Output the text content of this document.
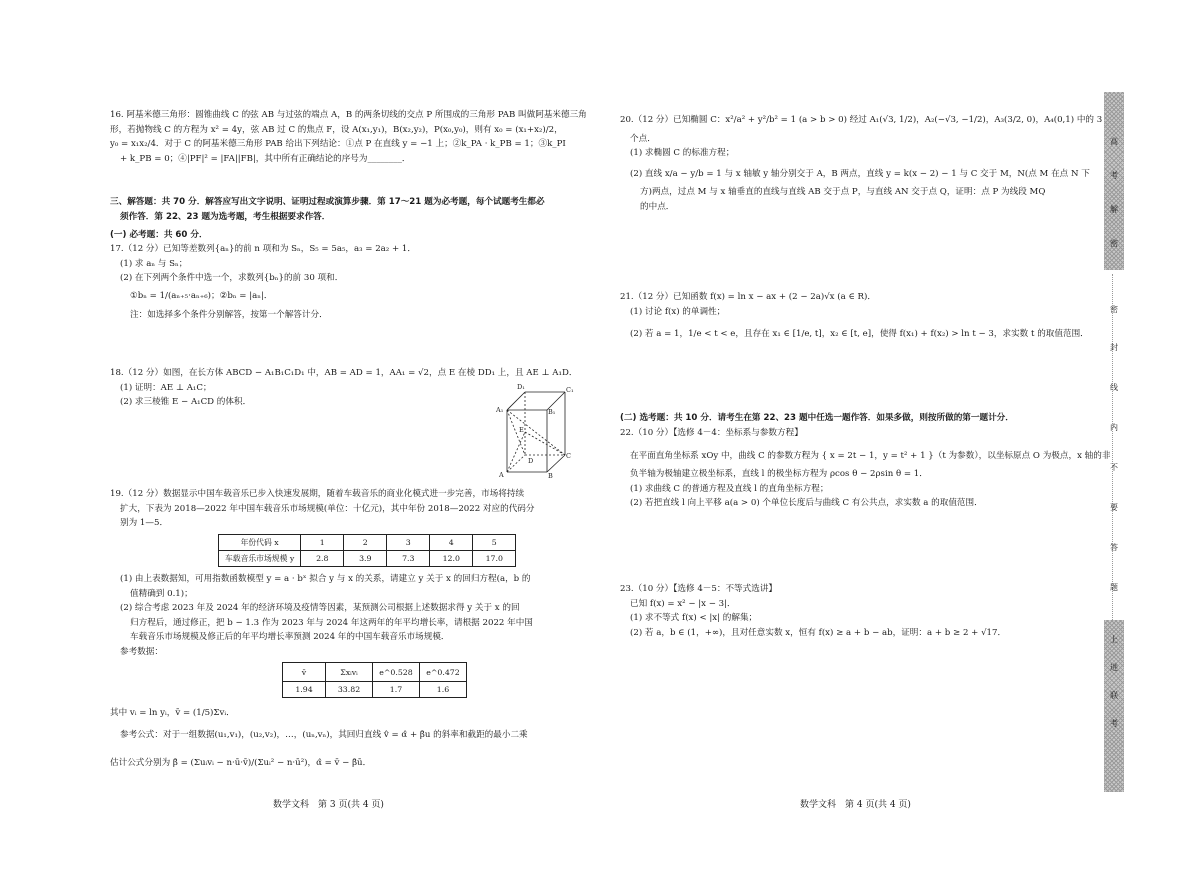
16. 阿基米德三角形：圆锥曲线 C 的弦 AB 与过弦的端点 A，B 的两条切线的交点 P 所围成的三角形 PAB 叫做阿基米德三角
形，若抛物线 C 的方程为 x² = 4y，弦 AB 过 C 的焦点 F，设 A(x₁,y₁)，B(x₂,y₂)，P(x₀,y₀)，则有 x₀ = (x₁+x₂)/2，
y₀ = x₁x₂/4．对于 C 的阿基米德三角形 PAB 给出下列结论：①点 P 在直线 y = −1 上；②k_PA · k_PB = 1；③k_PI
+ k_PB = 0；④|PF|² = |FA||FB|，其中所有正确结论的序号为________．
三、解答题：共 70 分．解答应写出文字说明、证明过程或演算步骤．第 17～21 题为必考题，每个试题考生都必
须作答．第 22、23 题为选考题，考生根据要求作答．
(一) 必考题：共 60 分．
17.（12 分）已知等差数列{aₙ}的前 n 项和为 Sₙ，S₅ = 5a₅，a₃ = 2a₂ + 1．
(1) 求 aₙ 与 Sₙ；
(2) 在下列两个条件中选一个，求数列{bₙ}的前 30 项和．
①bₙ = 1/(aₙ₊₅·aₙ₊₆)；②bₙ = |aₙ|．
注：如选择多个条件分别解答，按第一个解答计分．
18.（12 分）如图，在长方体 ABCD − A₁B₁C₁D₁ 中，AB = AD = 1，AA₁ = √2，点 E 在棱 DD₁ 上，且 AE ⊥ A₁D．
(1) 证明：AE ⊥ A₁C；
(2) 求三棱锥 E − A₁CD 的体积．
D₁	C₁
A₁	B₁
E
D
C
A	B
19.（12 分）数据显示中国车载音乐已步入快速发展期，随着车载音乐的商业化模式进一步完善，市场将持续
扩大，下表为 2018—2022 年中国车载音乐市场规模(单位：十亿元)，其中年份 2018—2022 对应的代码分
别为 1—5．
年份代码 x	1	2	3	4	5
车载音乐市场规模 y	2.8	3.9	7.3	12.0	17.0
(1) 由上表数据知，可用指数函数模型 y = a · bˣ 拟合 y 与 x 的关系，请建立 y 关于 x 的回归方程(a，b 的
值精确到 0.1)；
(2) 综合考虑 2023 年及 2024 年的经济环境及疫情等因素，某预测公司根据上述数据求得 y 关于 x 的回
归方程后，通过修正，把 b − 1.3 作为 2023 年与 2024 年这两年的年平均增长率，请根据 2022 年中国
车载音乐市场规模及修正后的年平均增长率预测 2024 年的中国车载音乐市场规模．
参考数据：
v̄	Σxᵢvᵢ	e^0.528	e^0.472
1.94	33.82	1.7	1.6
其中 vᵢ = ln yᵢ，v̄ = (1/5)Σvᵢ．
参考公式：对于一组数据(u₁,v₁)，(u₂,v₂)，…，(uₙ,vₙ)，其回归直线 v̂ = α̂ + β̂u 的斜率和截距的最小二乘
估计公式分别为 β̂ = (Σuᵢvᵢ − n·ū·v̄)/(Σuᵢ² − n·ū²)，α̂ = v̄ − β̂ū．
数学文科　第 3 页(共 4 页)
20.（12 分）已知椭圆 C：x²/a² + y²/b² = 1 (a > b > 0) 经过 A₁(√3, 1/2)，A₂(−√3, −1/2)，A₃(3/2, 0)，A₄(0,1) 中的 3
个点．
(1) 求椭圆 C 的标准方程；
(2) 直线 x/a − y/b = 1 与 x 轴敏 y 轴分别交于 A，B 两点，直线 y = k(x − 2) − 1 与 C 交于 M，N(点 M 在点 N 下
方)两点，过点 M 与 x 轴垂直的直线与直线 AB 交于点 P，与直线 AN 交于点 Q，证明：点 P 为线段 MQ
的中点．
21.（12 分）已知函数 f(x) = ln x − ax + (2 − 2a)√x (a ∈ R)．
(1) 讨论 f(x) 的单调性；
(2) 若 a = 1，1/e < t < e，且存在 x₁ ∈ [1/e, t]，x₂ ∈ [t, e]，使得 f(x₁) + f(x₂) > ln t − 3，求实数 t 的取值范围．
(二) 选考题：共 10 分．请考生在第 22、23 题中任选一题作答．如果多做，则按所做的第一题计分．
22.（10 分）【选修 4－4：坐标系与参数方程】
在平面直角坐标系 xOy 中，曲线 C 的参数方程为 { x = 2t − 1，y = t² + 1 }（t 为参数），以坐标原点 O 为极点，x 轴的非
负半轴为极轴建立极坐标系，直线 l 的极坐标方程为 ρcos θ − 2ρsin θ = 1．
(1) 求曲线 C 的普通方程及直线 l 的直角坐标方程；
(2) 若把直线 l 向上平移 a(a > 0) 个单位长度后与曲线 C 有公共点，求实数 a 的取值范围．
23.（10 分）【选修 4－5：不等式选讲】
已知 f(x) = x² − |x − 3|．
(1) 求不等式 f(x) < |x| 的解集；
(2) 若 a，b ∈ (1，+∞)，且对任意实数 x，恒有 f(x) ≥ a + b − ab，证明：a + b ≥ 2 + √17．
数学文科　第 4 页(共 4 页)
高
考
解
密
密
封
线
内
不
要
答
题
上
进
联
考
